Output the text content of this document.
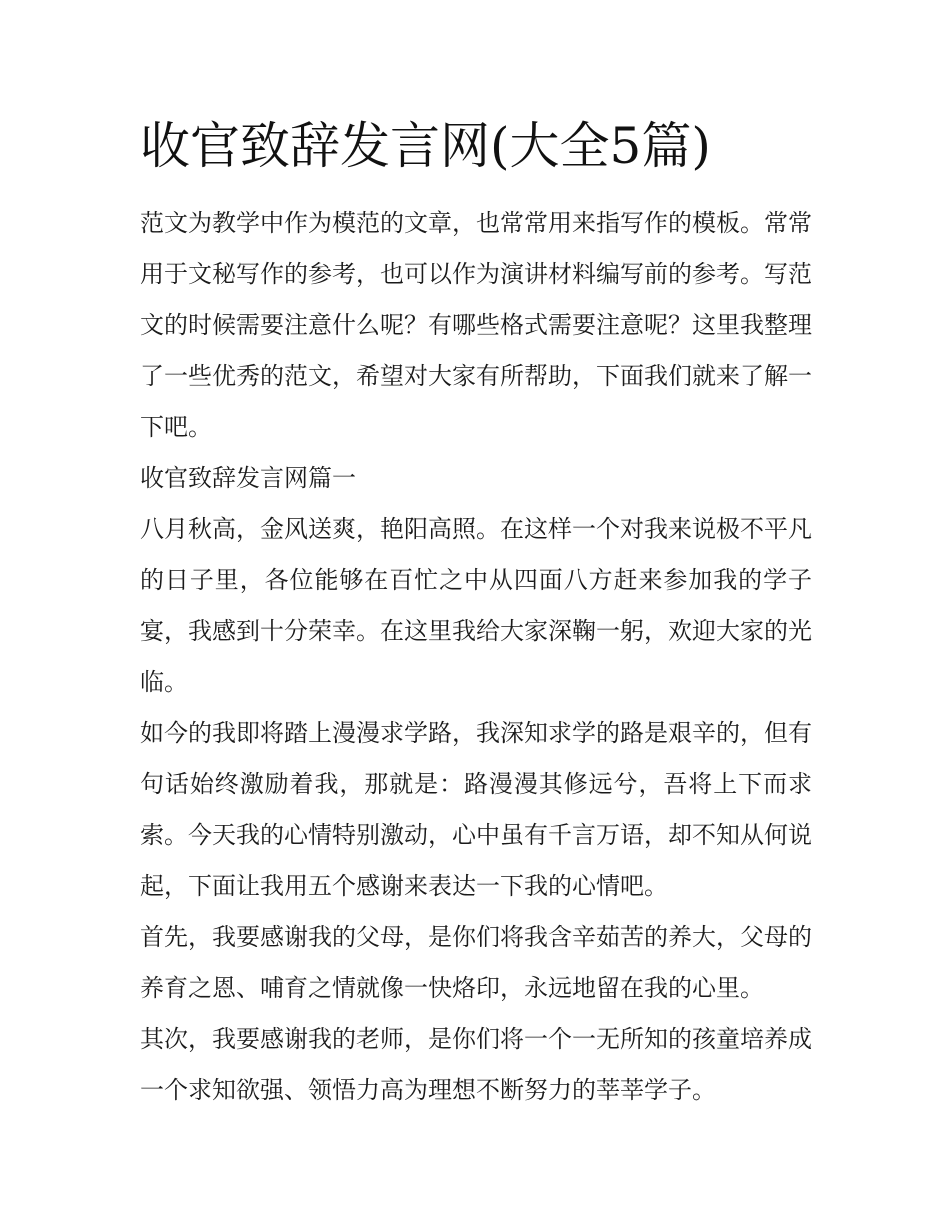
收官致辞发言网(大全5篇)

范文为教学中作为模范的文章，也常常用来指写作的模板。常常用于文秘写作的参考，也可以作为演讲材料编写前的参考。写范文的时候需要注意什么呢？有哪些格式需要注意呢？这里我整理了一些优秀的范文，希望对大家有所帮助，下面我们就来了解一下吧。

收官致辞发言网篇一

八月秋高，金风送爽，艳阳高照。在这样一个对我来说极不平凡的日子里，各位能够在百忙之中从四面八方赶来参加我的学子宴，我感到十分荣幸。在这里我给大家深鞠一躬，欢迎大家的光临。

如今的我即将踏上漫漫求学路，我深知求学的路是艰辛的，但有句话始终激励着我，那就是：路漫漫其修远兮，吾将上下而求索。今天我的心情特别激动，心中虽有千言万语，却不知从何说起，下面让我用五个感谢来表达一下我的心情吧。

首先，我要感谢我的父母，是你们将我含辛茹苦的养大，父母的养育之恩、哺育之情就像一快烙印，永远地留在我的心里。

其次，我要感谢我的老师，是你们将一个一无所知的孩童培养成一个求知欲强、领悟力高为理想不断努力的莘莘学子。
